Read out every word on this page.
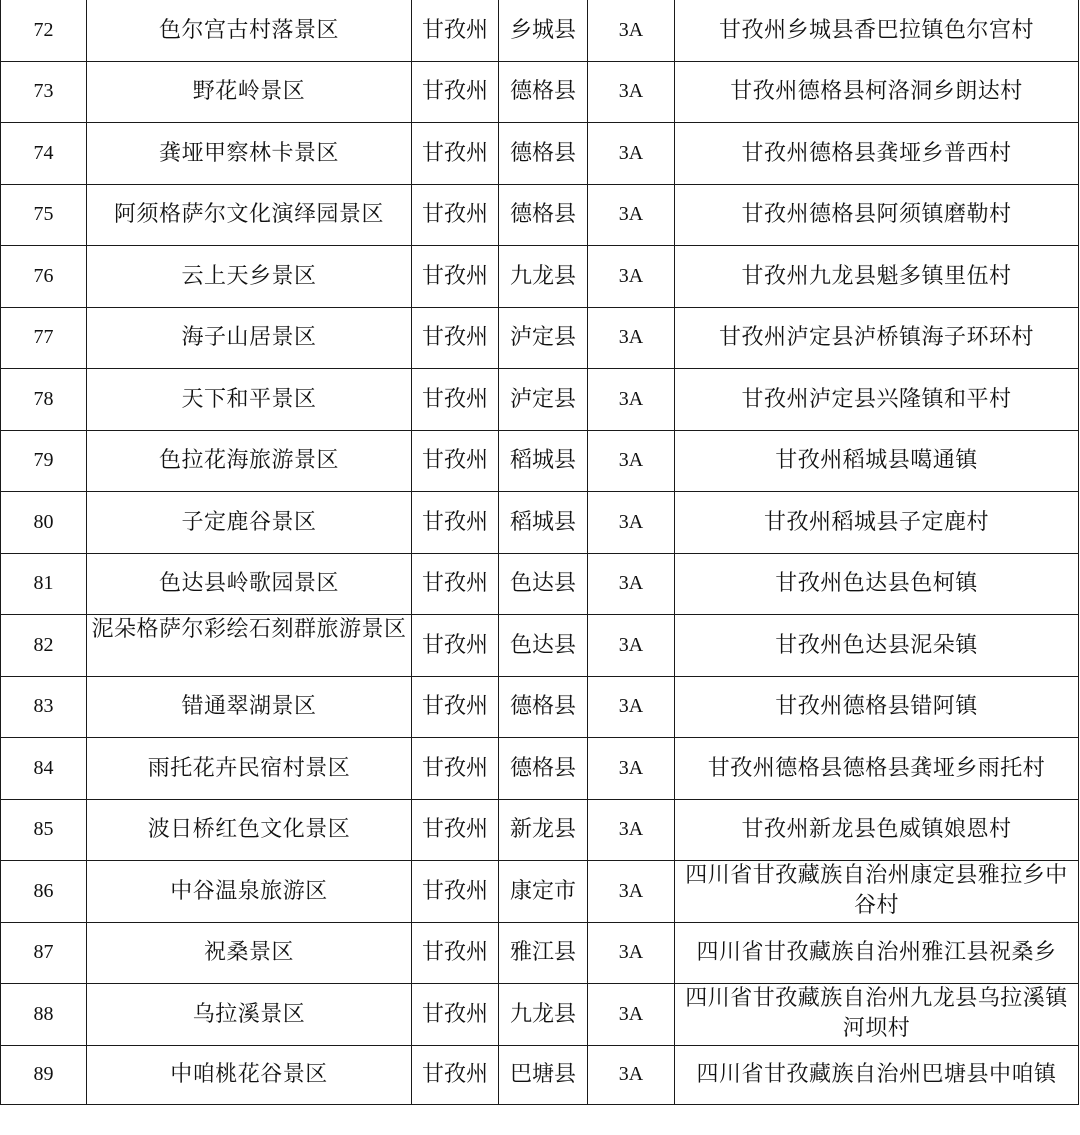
72	色尔宫古村落景区	甘孜州	乡城县	3A	甘孜州乡城县香巴拉镇色尔宫村
73	野花岭景区	甘孜州	德格县	3A	甘孜州德格县柯洛洞乡朗达村
74	龚垭甲察林卡景区	甘孜州	德格县	3A	甘孜州德格县龚垭乡普西村
75	阿须格萨尔文化演绎园景区	甘孜州	德格县	3A	甘孜州德格县阿须镇磨勒村
76	云上天乡景区	甘孜州	九龙县	3A	甘孜州九龙县魁多镇里伍村
77	海子山居景区	甘孜州	泸定县	3A	甘孜州泸定县泸桥镇海子环环村
78	天下和平景区	甘孜州	泸定县	3A	甘孜州泸定县兴隆镇和平村
79	色拉花海旅游景区	甘孜州	稻城县	3A	甘孜州稻城县噶通镇
80	子定鹿谷景区	甘孜州	稻城县	3A	甘孜州稻城县子定鹿村
81	色达县岭歌园景区	甘孜州	色达县	3A	甘孜州色达县色柯镇
82	泥朵格萨尔彩绘石刻群旅游景区	甘孜州	色达县	3A	甘孜州色达县泥朵镇
83	错通翠湖景区	甘孜州	德格县	3A	甘孜州德格县错阿镇
84	雨托花卉民宿村景区	甘孜州	德格县	3A	甘孜州德格县德格县龚垭乡雨托村
85	波日桥红色文化景区	甘孜州	新龙县	3A	甘孜州新龙县色威镇娘恩村
86	中谷温泉旅游区	甘孜州	康定市	3A	四川省甘孜藏族自治州康定县雅拉乡中谷村
87	祝桑景区	甘孜州	雅江县	3A	四川省甘孜藏族自治州雅江县祝桑乡
88	乌拉溪景区	甘孜州	九龙县	3A	四川省甘孜藏族自治州九龙县乌拉溪镇河坝村
89	中咱桃花谷景区	甘孜州	巴塘县	3A	四川省甘孜藏族自治州巴塘县中咱镇
